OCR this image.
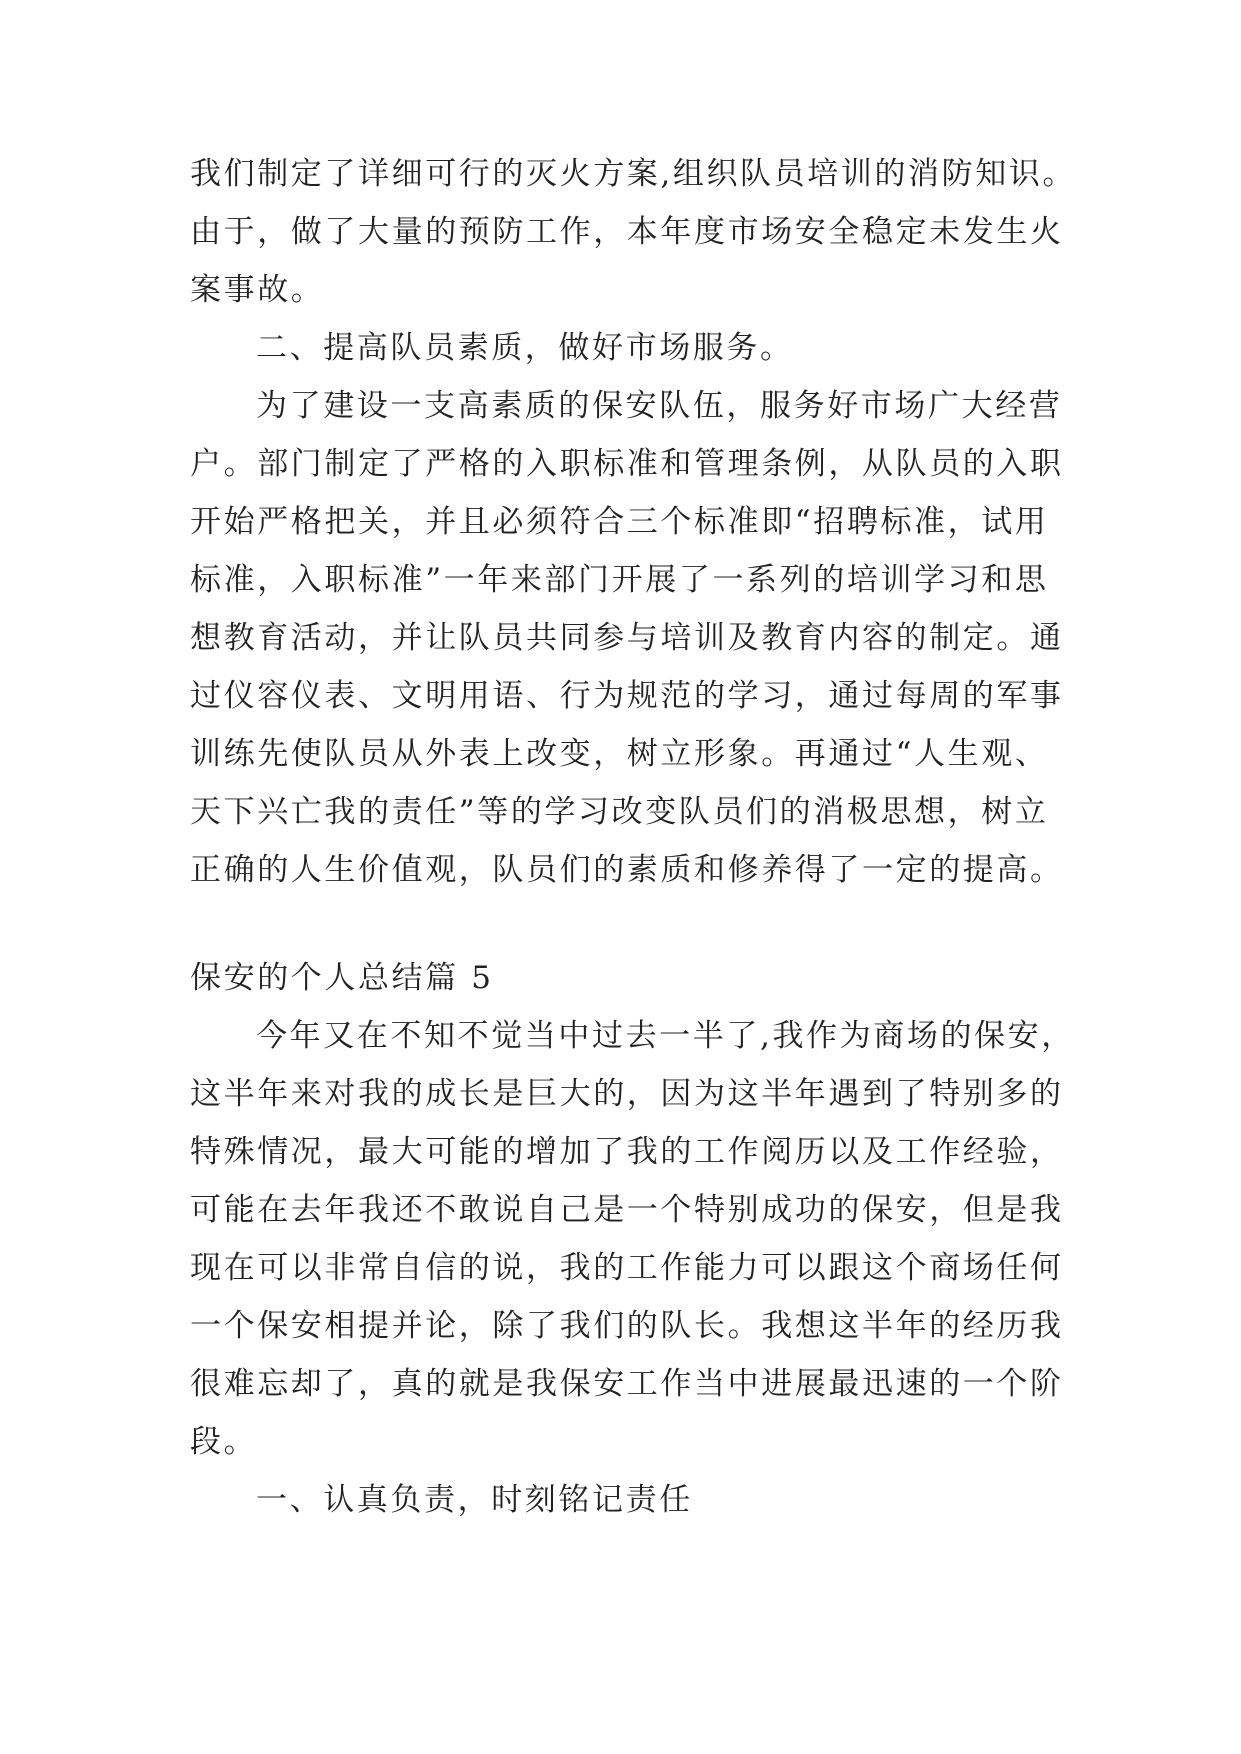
我们制定了详细可行的灭火方案,组织队员培训的消防知识。
由于，做了大量的预防工作，本年度市场安全稳定未发生火
案事故。
二、提高队员素质，做好市场服务。
为了建设一支高素质的保安队伍，服务好市场广大经营
户。部门制定了严格的入职标准和管理条例，从队员的入职
开始严格把关，并且必须符合三个标准即“招聘标准，试用
标准，入职标准”一年来部门开展了一系列的培训学习和思
想教育活动，并让队员共同参与培训及教育内容的制定。通
过仪容仪表、文明用语、行为规范的学习，通过每周的军事
训练先使队员从外表上改变，树立形象。再通过“人生观、
天下兴亡我的责任”等的学习改变队员们的消极思想，树立
正确的人生价值观，队员们的素质和修养得了一定的提高。
保安的个人总结篇 5
今年又在不知不觉当中过去一半了,我作为商场的保安，
这半年来对我的成长是巨大的，因为这半年遇到了特别多的
特殊情况，最大可能的增加了我的工作阅历以及工作经验，
可能在去年我还不敢说自己是一个特别成功的保安，但是我
现在可以非常自信的说，我的工作能力可以跟这个商场任何
一个保安相提并论，除了我们的队长。我想这半年的经历我
很难忘却了，真的就是我保安工作当中进展最迅速的一个阶
段。
一、认真负责，时刻铭记责任
